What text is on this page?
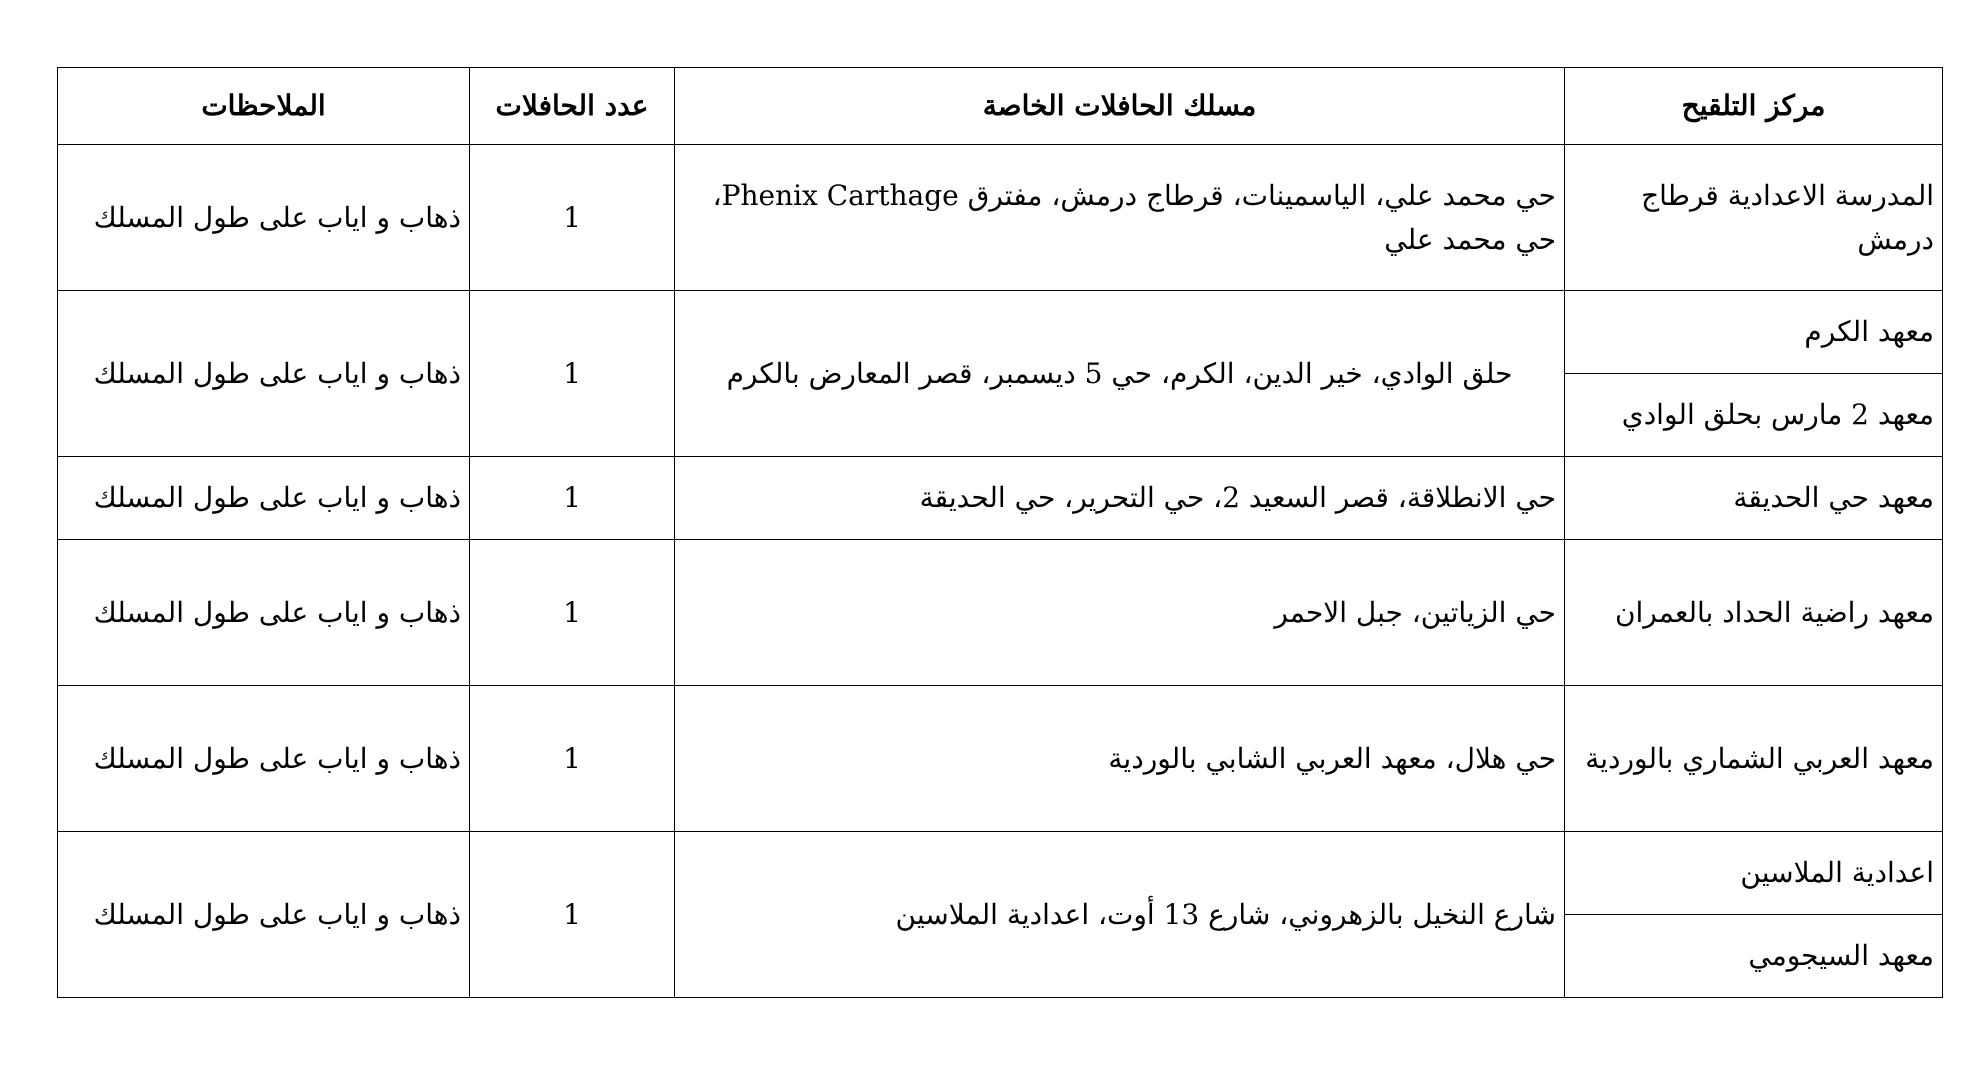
مركز التلقيح	مسلك الحافلات الخاصة	عدد الحافلات	الملاحظات
المدرسة الاعدادية قرطاج درمش	حي محمد علي، الياسمينات، قرطاج درمش، مفترق Phenix Carthage، حي محمد علي	1	ذهاب و اياب على طول المسلك
معهد الكرم	حلق الوادي، خير الدين، الكرم، حي 5 ديسمبر، قصر المعارض بالكرم	1	ذهاب و اياب على طول المسلك
معهد 2 مارس بحلق الوادي			
معهد حي الحديقة	حي الانطلاقة، قصر السعيد 2، حي التحرير، حي الحديقة	1	ذهاب و اياب على طول المسلك
معهد راضية الحداد بالعمران	حي الزياتين، جبل الاحمر	1	ذهاب و اياب على طول المسلك
معهد العربي الشماري بالوردية	حي هلال، معهد العربي الشابي بالوردية	1	ذهاب و اياب على طول المسلك
اعدادية الملاسين	شارع النخيل بالزهروني، شارع 13 أوت، اعدادية الملاسين	1	ذهاب و اياب على طول المسلك
معهد السيجومي			
